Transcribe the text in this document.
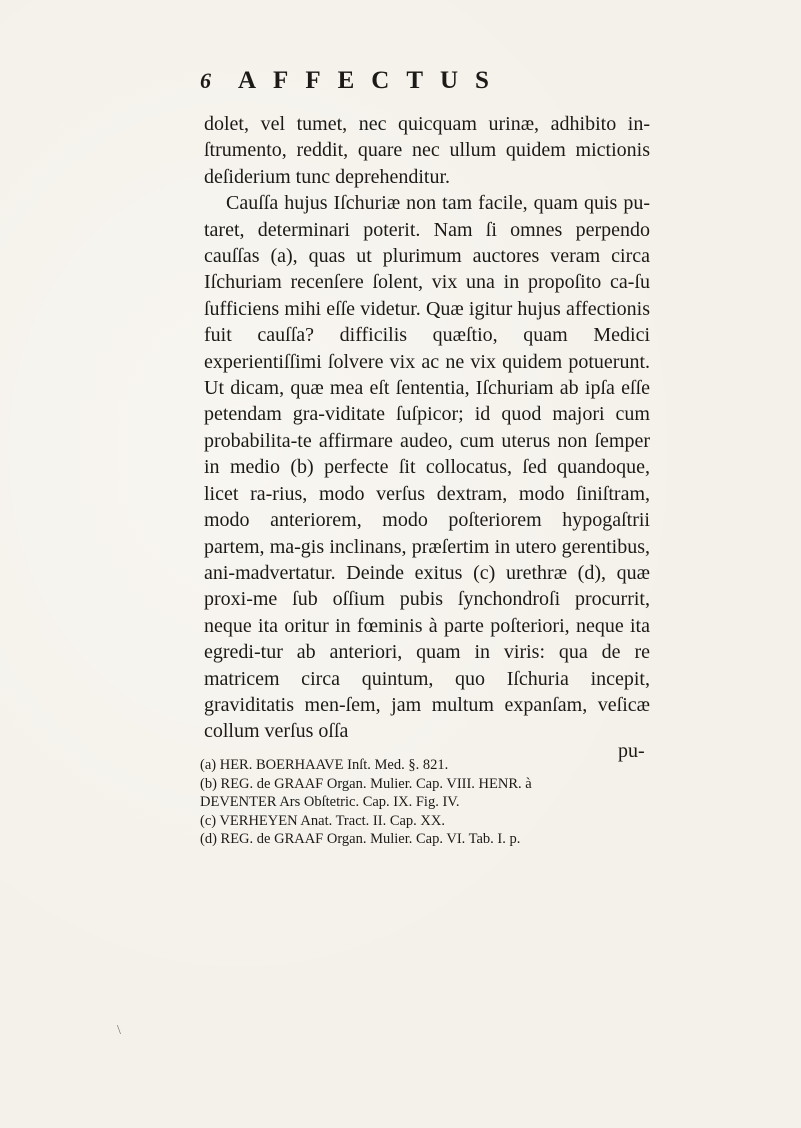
6 AFFECTUS

dolet, vel tumet, nec quicquam urinæ, adhibito in-ſtrumento, reddit, quare nec ullum quidem mictionis deſiderium tunc deprehenditur.

Cauſſa hujus Iſchuriæ non tam facile, quam quis pu-taret, determinari poterit. Nam ſi omnes perpendo cauſſas (a), quas ut plurimum auctores veram circa Iſchuriam recenſere ſolent, vix una in propoſito ca-ſu ſufficiens mihi eſſe videtur. Quæ igitur hujus affectionis fuit cauſſa? difficilis quæſtio, quam Medici experientiſſimi ſolvere vix ac ne vix quidem potuerunt. Ut dicam, quæ mea eſt ſententia, Iſchuriam ab ipſa eſſe petendam gra-viditate ſuſpicor; id quod majori cum probabilita-te affirmare audeo, cum uterus non ſemper in medio (b) perfecte ſit collocatus, ſed quandoque, licet ra-rius, modo verſus dextram, modo ſiniſtram, modo anteriorem, modo poſteriorem hypogaſtrii partem, ma-gis inclinans, præſertim in utero gerentibus, ani-madvertatur. Deinde exitus (c) urethræ (d), quæ proxi-me ſub oſſium pubis ſynchondroſi procurrit, neque ita oritur in fœminis à parte poſteriori, neque ita egredi-tur ab anteriori, quam in viris: qua de re matricem circa quintum, quo Iſchuria incepit, graviditatis men-ſem, jam multum expanſam, veſicæ collum verſus oſſa

pu-
(a) HER. BOERHAAVE Inſt. Med. §. 821.
(b) REG. de GRAAF Organ. Mulier. Cap. VIII. HENR. à
DEVENTER Ars Obſtetric. Cap. IX. Fig. IV.
(c) VERHEYEN Anat. Tract. II. Cap. XX.
(d) REG. de GRAAF Organ. Mulier. Cap. VI. Tab. I. p.
\
